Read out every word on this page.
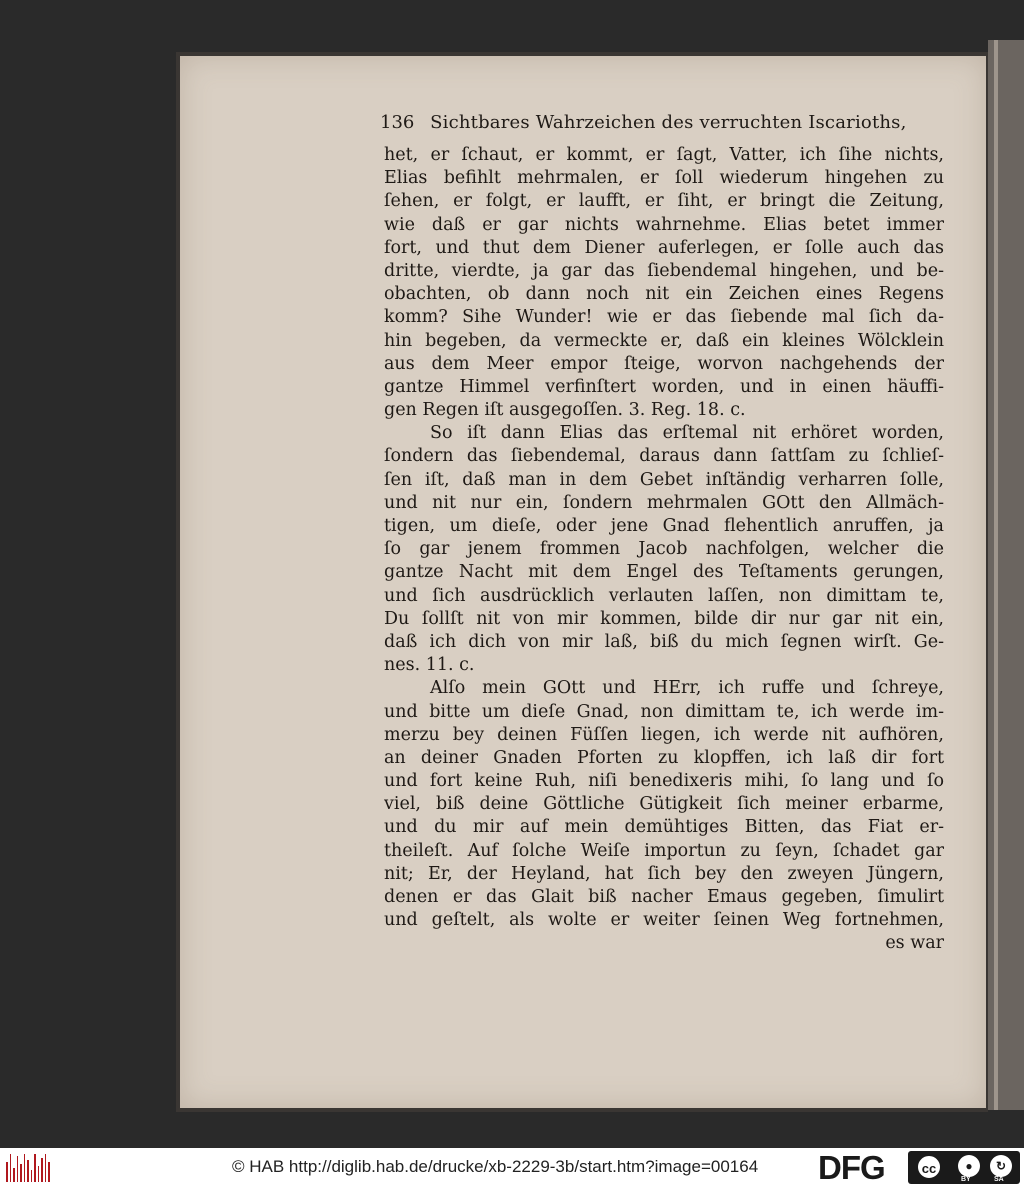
136 Sichtbares Wahrzeichen des verruchten Iscarioths,
het, er ſchaut, er kommt, er ſagt, Vatter, ich ſihe nichts,
Elias befihlt mehrmalen, er ſoll wiederum hingehen zu
ſehen, er folgt, er laufft, er ſiht, er bringt die Zeitung,
wie daß er gar nichts wahrnehme. Elias betet immer
fort, und thut dem Diener auferlegen, er ſolle auch das
dritte, vierdte, ja gar das ſiebendemal hingehen, und be-
obachten, ob dann noch nit ein Zeichen eines Regens
komm? Sihe Wunder! wie er das ſiebende mal ſich da-
hin begeben, da vermeckte er, daß ein kleines Wölcklein
aus dem Meer empor ſteige, worvon nachgehends der
gantze Himmel verfinſtert worden, und in einen häuffi-
gen Regen iſt ausgegoſſen. 3. Reg. 18. c.
So iſt dann Elias das erſtemal nit erhöret worden,
ſondern das ſiebendemal, daraus dann ſattſam zu ſchlieſ-
ſen iſt, daß man in dem Gebet inſtändig verharren ſolle,
und nit nur ein, ſondern mehrmalen GOtt den Allmäch-
tigen, um dieſe, oder jene Gnad flehentlich anruffen, ja
ſo gar jenem frommen Jacob nachfolgen, welcher die
gantze Nacht mit dem Engel des Teſtaments gerungen,
und ſich ausdrücklich verlauten laſſen, non dimittam te,
Du ſollſt nit von mir kommen, bilde dir nur gar nit ein,
daß ich dich von mir laß, biß du mich ſegnen wirſt. Ge-
nes. 11. c.
Alſo mein GOtt und HErr, ich ruffe und ſchreye,
und bitte um dieſe Gnad, non dimittam te, ich werde im-
merzu bey deinen Füſſen liegen, ich werde nit aufhören,
an deiner Gnaden Pforten zu klopffen, ich laß dir fort
und fort keine Ruh, niſi benedixeris mihi, ſo lang und ſo
viel, biß deine Göttliche Gütigkeit ſich meiner erbarme,
und du mir auf mein demühtiges Bitten, das Fiat er-
theileſt. Auf ſolche Weiſe importun zu ſeyn, ſchadet gar
nit; Er, der Heyland, hat ſich bey den zweyen Jüngern,
denen er das Glait biß nacher Emaus gegeben, ſimulirt
und geſtelt, als wolte er weiter ſeinen Weg fortnehmen,
es war
© HAB http://diglib.hab.de/drucke/xb-2229-3b/start.htm?image=00164 DFG	cc	●	↻
BY	SA
